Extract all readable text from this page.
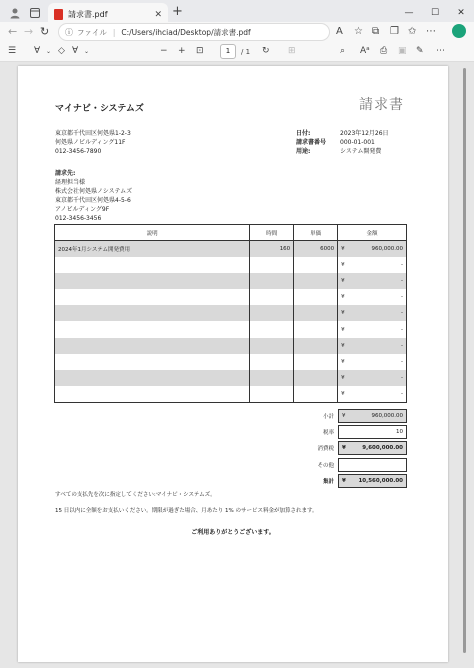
請求書.pdf	✕ +	—	☐	✕
← → ↻ ⓘ ファイル | C:/Users/ihciad/Desktop/請求書.pdf	A ☆ ⧉ ❐ ✩ ⋯
☰ ∀ ⌄ ◇ ∀ ⌄	− + ⊡	1	/ 1 ↻ ⊞	⌕ Aᵃ ⎙ ▣ ✎ ⋯
マイナビ・システムズ	請求書
東京都千代田区何処県1-2-3
何処県ノビルディング11F
012-3456-7890
日付:	2023年12月26日
請求書番号	000-01-001
用途:	システム開発費
請求先:
経理担当様
株式会社何処県ノシステムズ
東京都千代田区何処県4-5-6
アノビルディング9F
012-3456-3456
説明	時間	単価	金額
2024年1月システム開発費用	160	6000	¥ 960,000.00

			¥ -

			¥ -

			¥ -

			¥ -

			¥ -

			¥ -

			¥ -

			¥ -

			¥ -
小計	¥	960,000.00
税率	10
消費税	¥	9,600,000.00
その他
集計	¥ 10,560,000.00
すべての支払先を次に指定してください:マイナビ・システムズ。
15 日以内に全額をお支払いください。期限が過ぎた場合、月あたり 1% のサービス料金が加算されます。
ご利用ありがとうございます。
